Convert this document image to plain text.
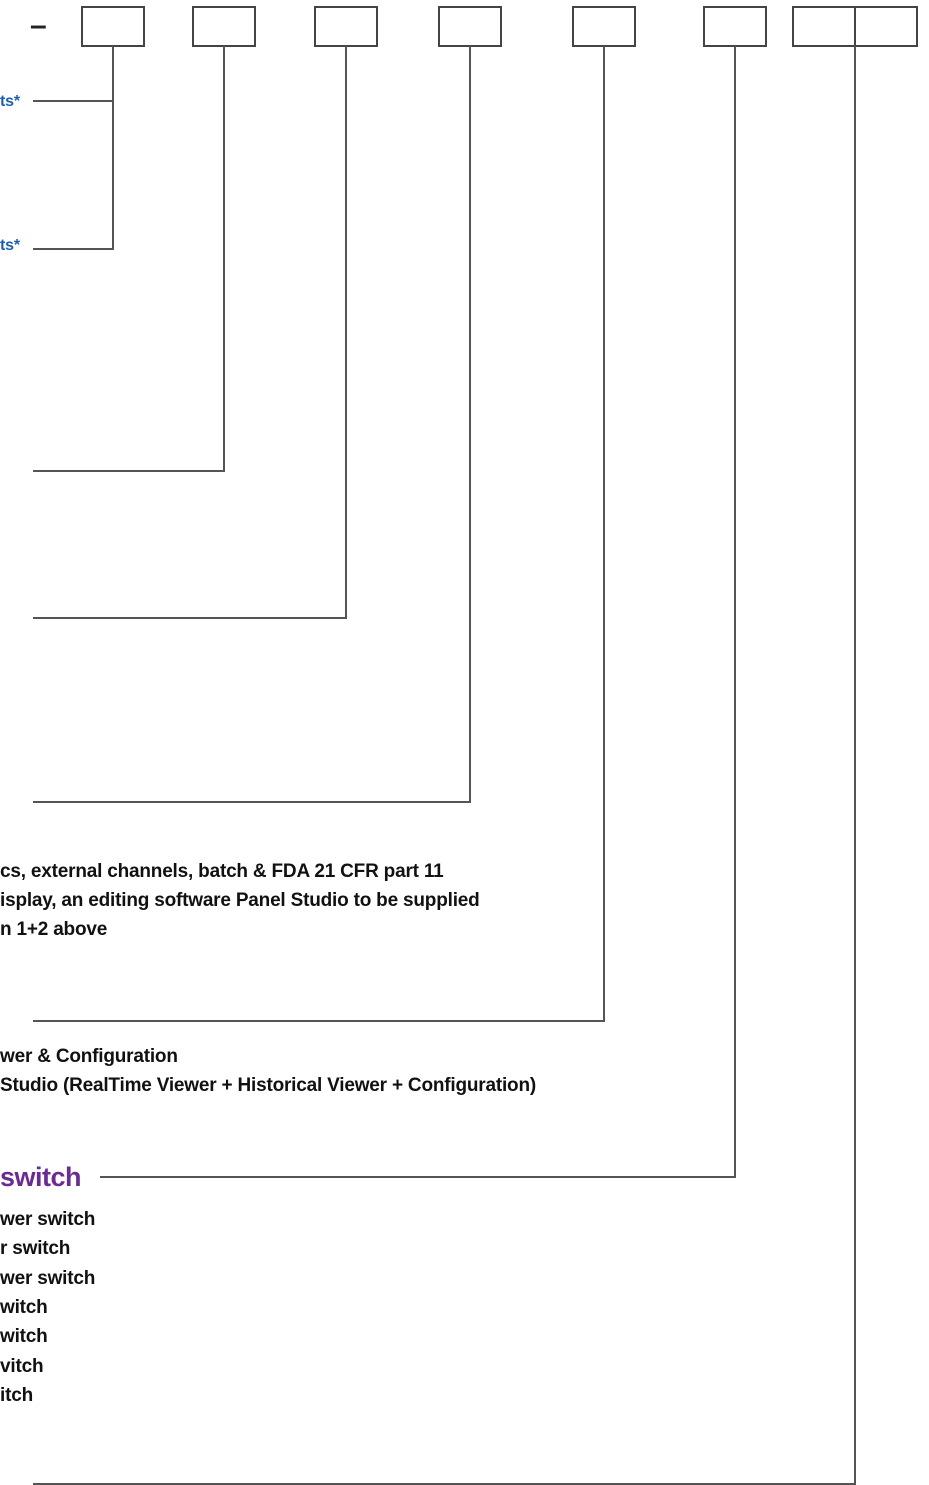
–
ts*
ts*
cs, external channels, batch & FDA 21 CFR part 11
isplay, an editing software Panel Studio to be supplied
n 1+2 above
wer & Configuration
Studio (RealTime Viewer + Historical Viewer + Configuration)
switch
wer switch
r switch
wer switch
witch
witch
vitch
itch
